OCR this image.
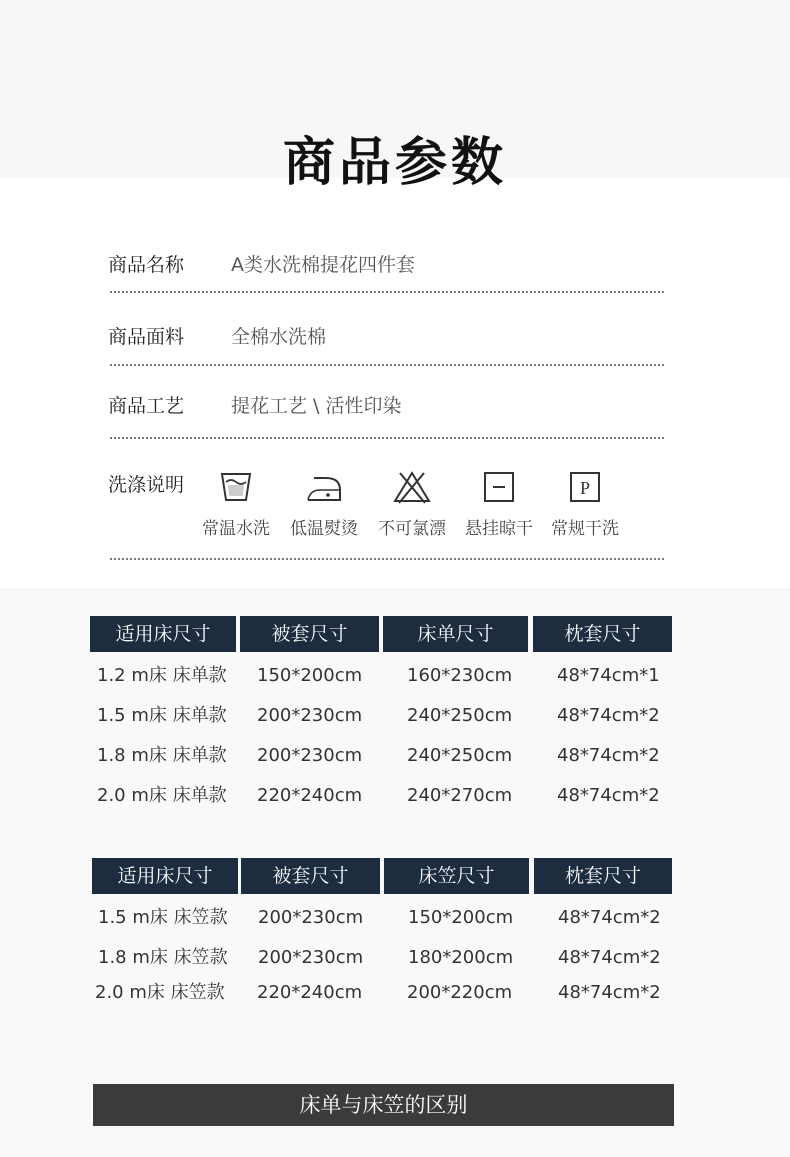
商品参数
商品名称 A类水洗棉提花四件套
商品面料 全棉水洗棉
商品工艺 提花工艺 \ 活性印染
洗涤说明
常温水洗	低温熨烫	不可氯漂	悬挂晾干
P
常规干洗
适用床尺寸	被套尺寸	床单尺寸	枕套尺寸
1.2 m床 床单款 150*200cm 160*230cm 48*74cm*1
1.5 m床 床单款 200*230cm 240*250cm 48*74cm*2
1.8 m床 床单款 200*230cm 240*250cm 48*74cm*2
2.0 m床 床单款 220*240cm 240*270cm 48*74cm*2
适用床尺寸	被套尺寸	床笠尺寸	枕套尺寸
1.5 m床 床笠款 200*230cm 150*200cm 48*74cm*2
1.8 m床 床笠款 200*230cm 180*200cm 48*74cm*2
2.0 m床 床笠款 220*240cm 200*220cm	48*74cm*2
床单与床笠的区别
